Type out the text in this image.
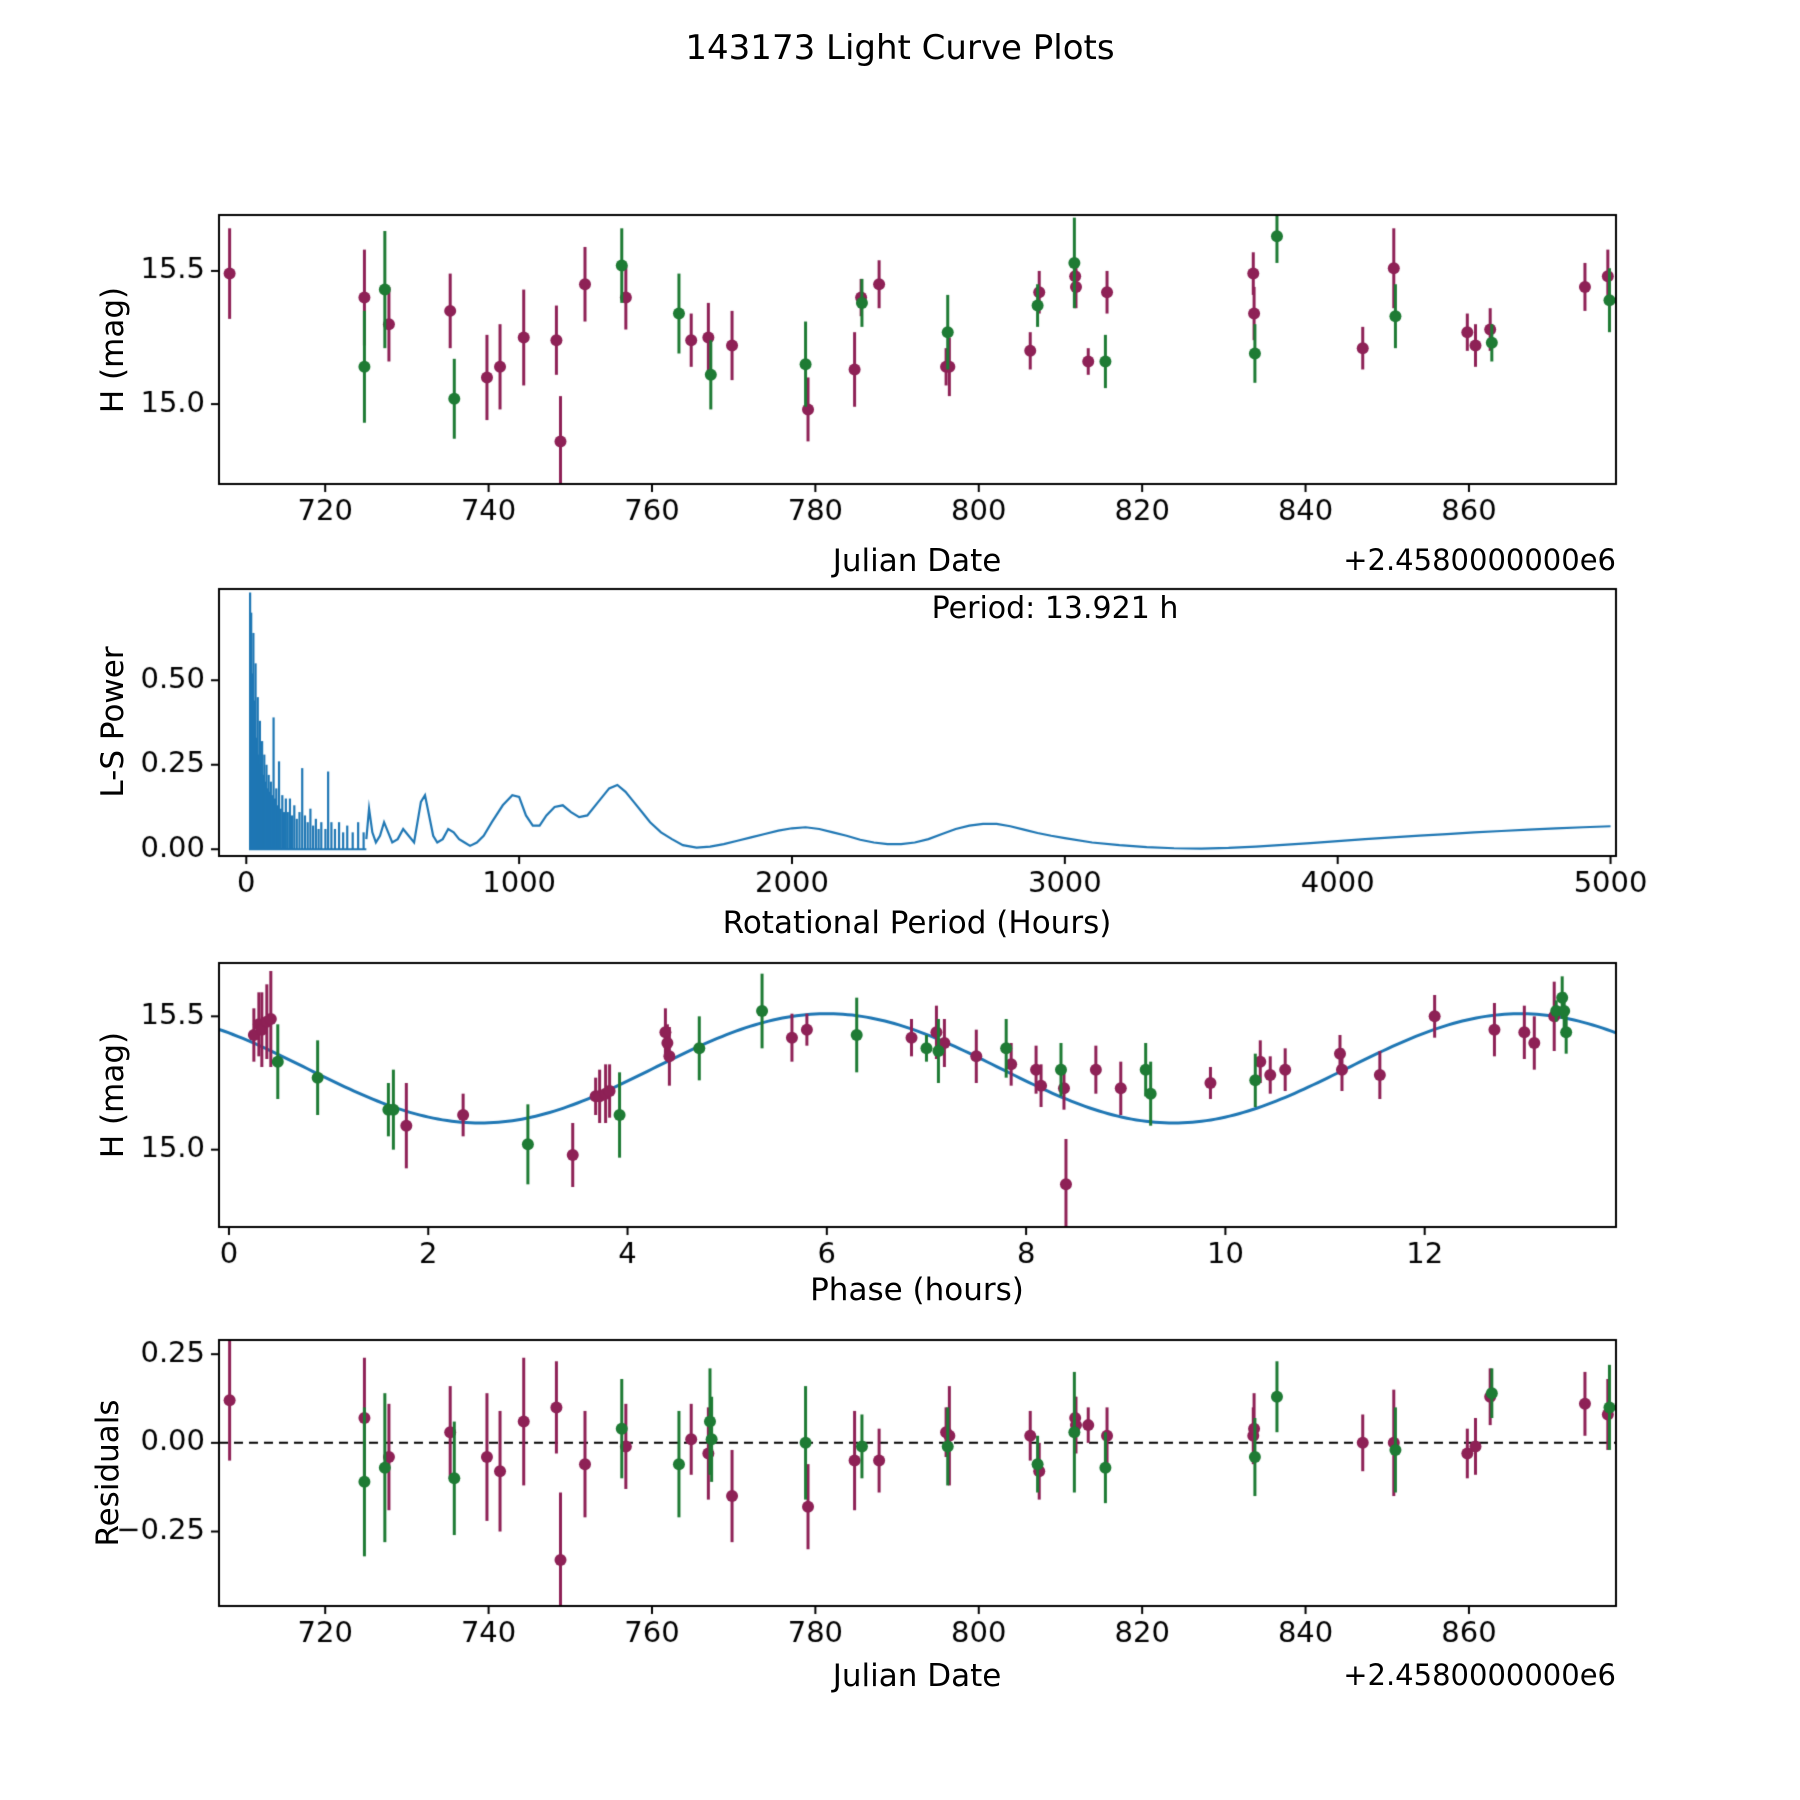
143173 Light Curve Plots
H (mag)
Julian Date	+2.4580000000e6
L-S Power
Rotational Period (Hours)
Period: 13.921 h
H (mag)
Phase (hours)
Residuals
Julian Date	+2.4580000000e6
